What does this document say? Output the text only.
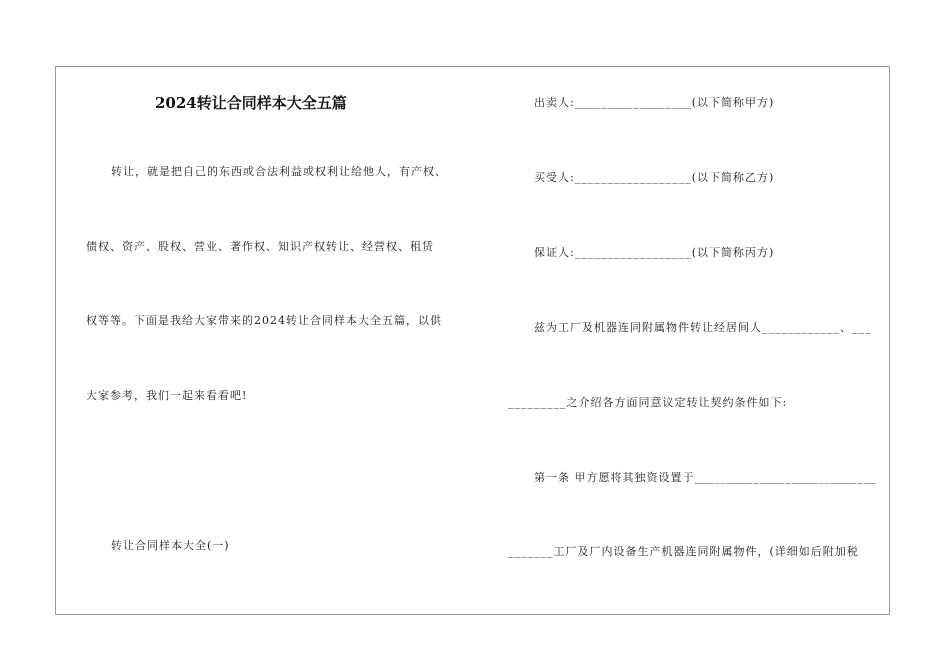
2024转让合同样本大全五篇
转让，就是把自己的东西或合法利益或权利让给他人，有产权、
债权、资产、股权、营业、著作权、知识产权转让、经营权、租赁
权等等。下面是我给大家带来的2024转让合同样本大全五篇，以供
大家参考，我们一起来看看吧!
转让合同样本大全(一)
出卖人:__________________(以下简称甲方)
买受人:__________________(以下简称乙方)
保证人:__________________(以下简称丙方)
兹为工厂及机器连同附属物件转让经居间人____________、___
_________之介绍各方面同意议定转让契约条件如下:
第一条 甲方愿将其独资设置于____________________________
_______工厂及厂内设备生产机器连同附属物件，(详细如后附加税
